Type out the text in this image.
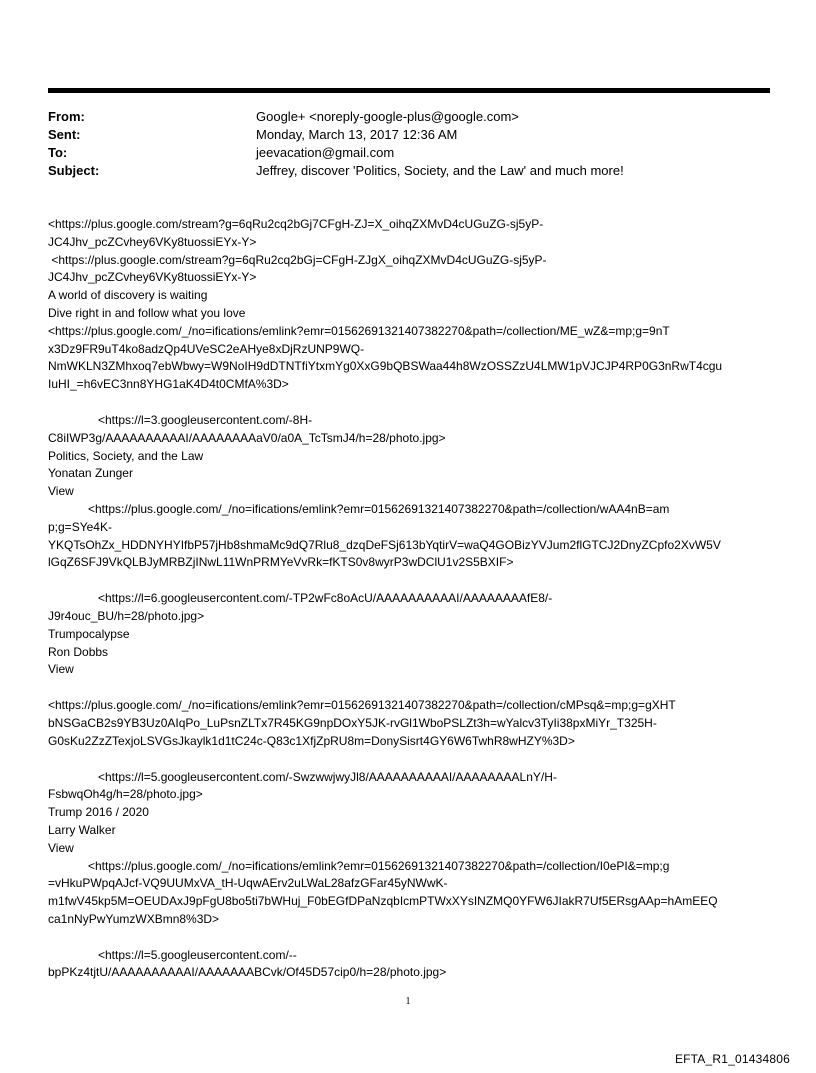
From:	Google+ <noreply-google-plus@google.com>
Sent:	Monday, March 13, 2017 12:36 AM
To:	jeevacation@gmail.com
Subject:	Jeffrey, discover 'Politics, Society, and the Law' and much more!
<https://plus.google.com/stream?g=6qRu2cq2bGj7CFgH-ZJ=X_oihqZXMvD4cUGuZG-sj5yP-
JC4Jhv_pcZCvhey6VKy8tuossiEYx-Y>
<https://plus.google.com/stream?g=6qRu2cq2bGj=CFgH-ZJgX_oihqZXMvD4cUGuZG-sj5yP-
JC4Jhv_pcZCvhey6VKy8tuossiEYx-Y>
A world of discovery is waiting
Dive right in and follow what you love
<https://plus.google.com/_/no=ifications/emlink?emr=01562691321407382270&path=/collection/ME_wZ&=mp;g=9nT
x3Dz9FR9uT4ko8adzQp4UVeSC2eAHye8xDjRzUNP9WQ-
NmWKLN3ZMhxoq7ebWbwy=W9NoIH9dDTNTfiYtxmYg0XxG9bQBSWaa44h8WzOSSZzU4LMW1pVJCJP4RP0G3nRwT4cgu
IuHI_=h6vEC3nn8YHG1aK4D4t0CMfA%3D>
<https://l=3.googleusercontent.com/-8H-
C8iIWP3g/AAAAAAAAAAI/AAAAAAAAaV0/a0A_TcTsmJ4/h=28/photo.jpg>
Politics, Society, and the Law
Yonatan Zunger
View
<https://plus.google.com/_/no=ifications/emlink?emr=01562691321407382270&path=/collection/wAA4nB=am
p;g=SYe4K-
YKQTsOhZx_HDDNYHYIfbP57jHb8shmaMc9dQ7Rlu8_dzqDeFSj613bYqtirV=waQ4GOBizYVJum2flGTCJ2DnyZCpfo2XvW5V
lGqZ6SFJ9VkQLBJyMRBZjINwL11WnPRMYeVvRk=fKTS0v8wyrP3wDClU1v2S5BXIF>
<https://l=6.googleusercontent.com/-TP2wFc8oAcU/AAAAAAAAAAI/AAAAAAAAfE8/-
J9r4ouc_BU/h=28/photo.jpg>
Trumpocalypse
Ron Dobbs
View
<https://plus.google.com/_/no=ifications/emlink?emr=01562691321407382270&path=/collection/cMPsq&=mp;g=gXHT
bNSGaCB2s9YB3Uz0AIqPo_LuPsnZLTx7R45KG9npDOxY5JK-rvGl1WboPSLZt3h=wYalcv3TyIi38pxMiYr_T325H-
G0sKu2ZzZTexjoLSVGsJkaylk1d1tC24c-Q83c1XfjZpRU8m=DonySisrt4GY6W6TwhR8wHZY%3D>
<https://l=5.googleusercontent.com/-SwzwwjwyJl8/AAAAAAAAAAI/AAAAAAAALnY/H-
FsbwqOh4g/h=28/photo.jpg>
Trump 2016 / 2020
Larry Walker
View
<https://plus.google.com/_/no=ifications/emlink?emr=01562691321407382270&path=/collection/I0ePI&=mp;g
=vHkuPWpqAJcf-VQ9UUMxVA_tH-UqwAErv2uLWaL28afzGFar45yNWwK-
m1fwV45kp5M=OEUDAxJ9pFgU8bo5ti7bWHuj_F0bEGfDPaNzqbIcmPTWxXYsINZMQ0YFW6JIakR7Uf5ERsgAAp=hAmEEQ
ca1nNyPwYumzWXBmn8%3D>
<https://l=5.googleusercontent.com/--
bpPKz4tjtU/AAAAAAAAAAI/AAAAAAABCvk/Of45D57cip0/h=28/photo.jpg>
1
EFTA_R1_01434806
